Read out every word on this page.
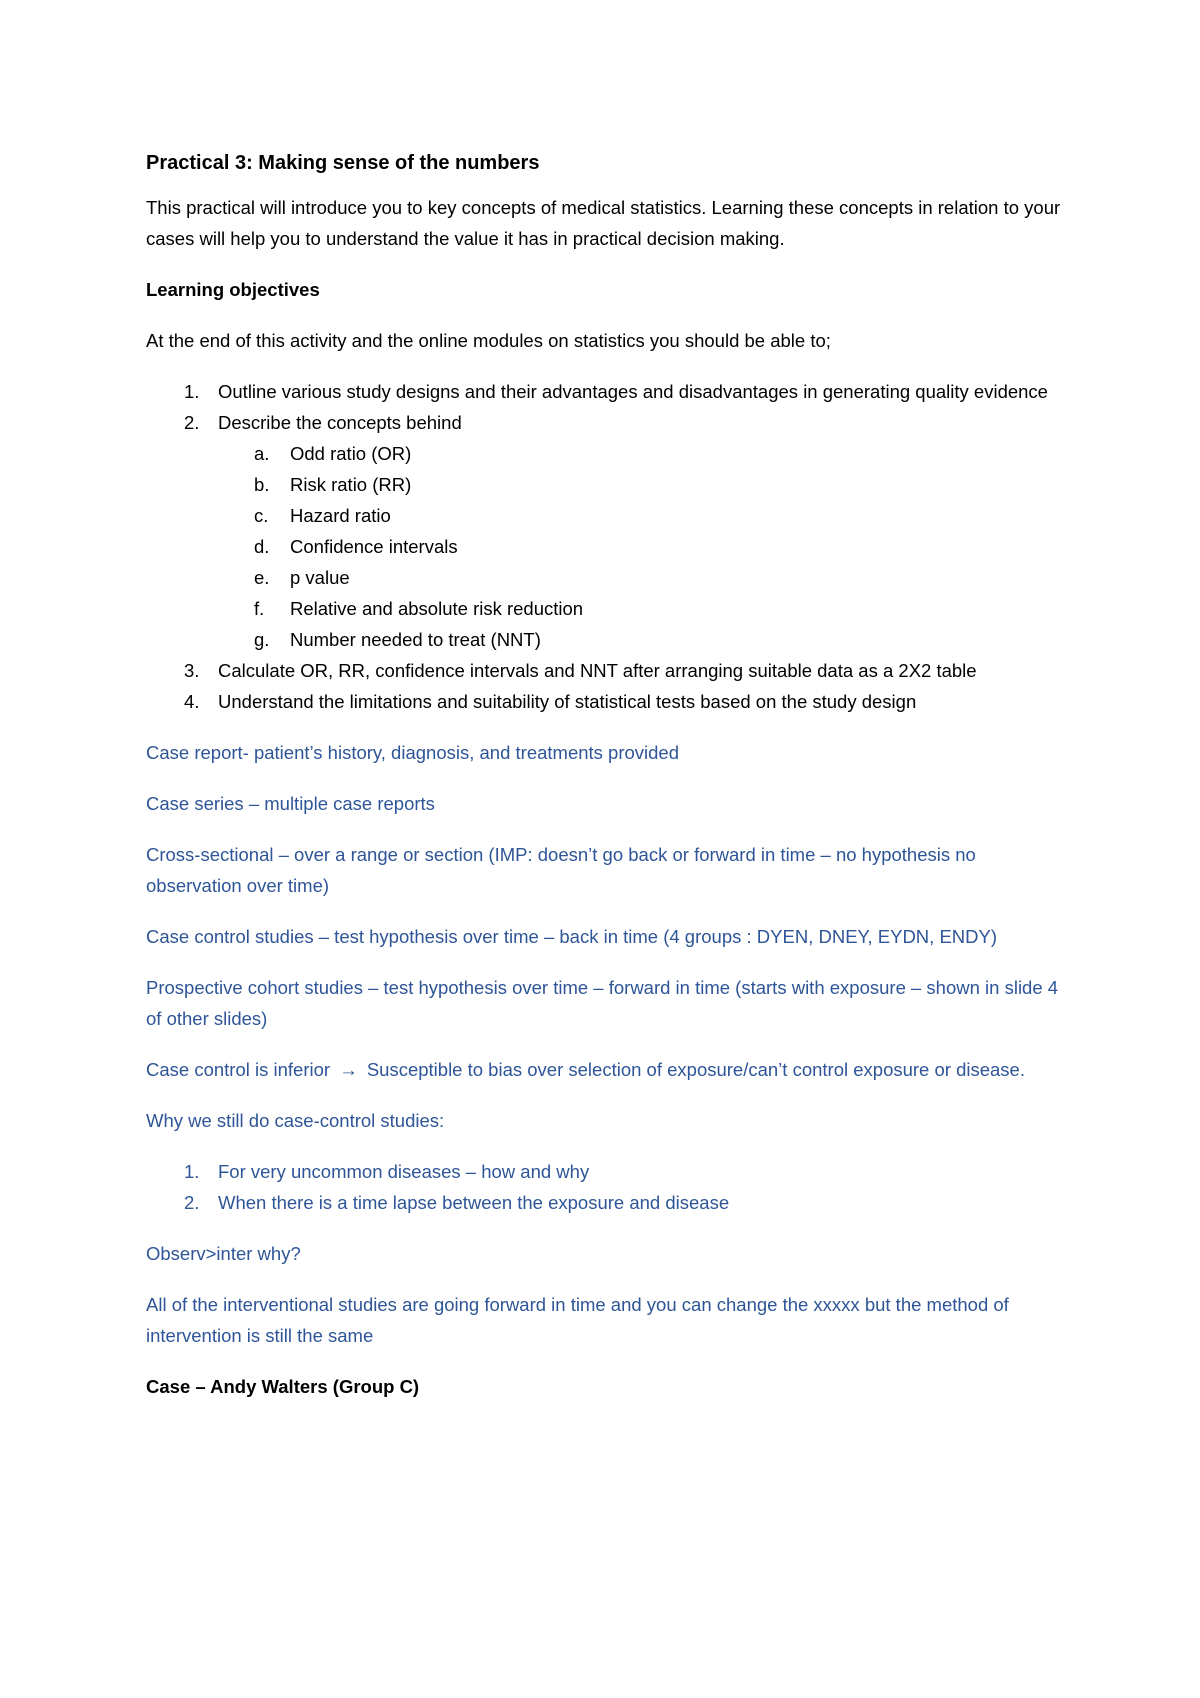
Practical 3: Making sense of the numbers

This practical will introduce you to key concepts of medical statistics. Learning these concepts in relation to your cases will help you to understand the value it has in practical decision making.

Learning objectives

At the end of this activity and the online modules on statistics you should be able to;

1. Outline various study designs and their advantages and disadvantages in generating quality evidence
2. Describe the concepts behind
a. Odd ratio (OR)
b. Risk ratio (RR)
c. Hazard ratio
d. Confidence intervals
e. p value
f. Relative and absolute risk reduction
g. Number needed to treat (NNT)
3. Calculate OR, RR, confidence intervals and NNT after arranging suitable data as a 2X2 table
4. Understand the limitations and suitability of statistical tests based on the study design

Case report- patient’s history, diagnosis, and treatments provided

Case series – multiple case reports

Cross-sectional – over a range or section (IMP: doesn’t go back or forward in time – no hypothesis no observation over time)

Case control studies – test hypothesis over time – back in time (4 groups : DYEN, DNEY, EYDN, ENDY)

Prospective cohort studies – test hypothesis over time – forward in time (starts with exposure – shown in slide 4 of other slides)

Case control is inferior → Susceptible to bias over selection of exposure/can’t control exposure or disease.

Why we still do case-control studies:

1. For very uncommon diseases – how and why
2. When there is a time lapse between the exposure and disease

Observ>inter why?

All of the interventional studies are going forward in time and you can change the xxxxx but the method of intervention is still the same

Case – Andy Walters (Group C)
